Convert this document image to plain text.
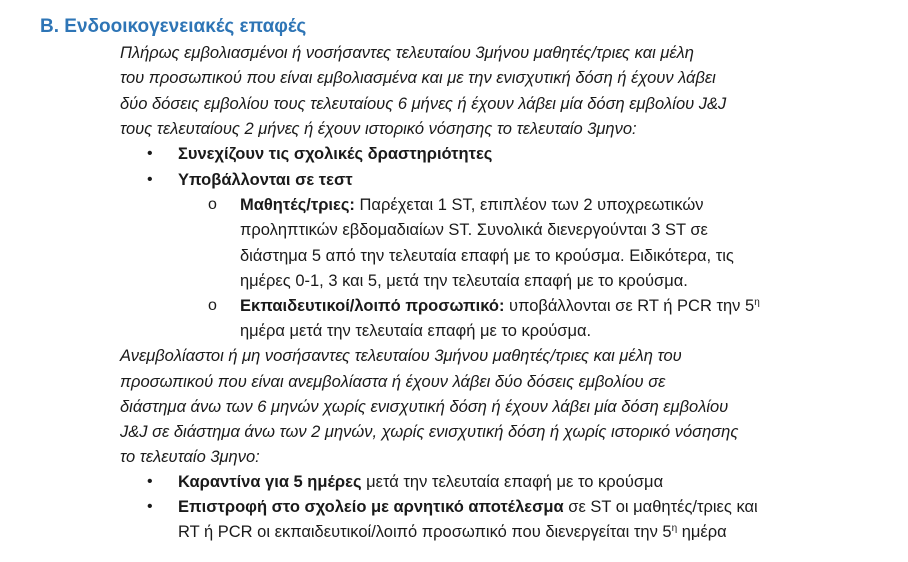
Β. Ενδοοικογενειακές επαφές
Πλήρως εμβολιασμένοι ή νοσήσαντες τελευταίου 3μήνου μαθητές/τριες και μέλη
του προσωπικού που είναι εμβολιασμένα και με την ενισχυτική δόση ή έχουν λάβει
δύο δόσεις εμβολίου τους τελευταίους 6 μήνες ή έχουν λάβει μία δόση εμβολίου J&J
τους τελευταίους 2 μήνες ή έχουν ιστορικό νόσησης το τελευταίο 3μηνο:
• Συνεχίζουν τις σχολικές δραστηριότητες
• Υποβάλλονται σε τεστ
o Μαθητές/τριες: Παρέχεται 1 ST, επιπλέον των 2 υποχρεωτικών
προληπτικών εβδομαδιαίων ST. Συνολικά διενεργούνται 3 ST σε
διάστημα 5 από την τελευταία επαφή με το κρούσμα. Ειδικότερα, τις
ημέρες 0-1, 3 και 5, μετά την τελευταία επαφή με το κρούσμα.
o Εκπαιδευτικοί/λοιπό προσωπικό: υποβάλλονται σε RT ή PCR την $5^\eta$
ημέρα μετά την τελευταία επαφή με το κρούσμα.
Ανεμβολίαστοι ή μη νοσήσαντες τελευταίου 3μήνου μαθητές/τριες και μέλη του
προσωπικού που είναι ανεμβολίαστα ή έχουν λάβει δύο δόσεις εμβολίου σε
διάστημα άνω των 6 μηνών χωρίς ενισχυτική δόση ή έχουν λάβει μία δόση εμβολίου
J&J σε διάστημα άνω των 2 μηνών, χωρίς ενισχυτική δόση ή χωρίς ιστορικό νόσησης
το τελευταίο 3μηνο:
• Καραντίνα για 5 ημέρες μετά την τελευταία επαφή με το κρούσμα
• Επιστροφή στο σχολείο με αρνητικό αποτέλεσμα σε ST οι μαθητές/τριες και
RT ή PCR οι εκπαιδευτικοί/λοιπό προσωπικό που διενεργείται την $5^\eta$ ημέρα
